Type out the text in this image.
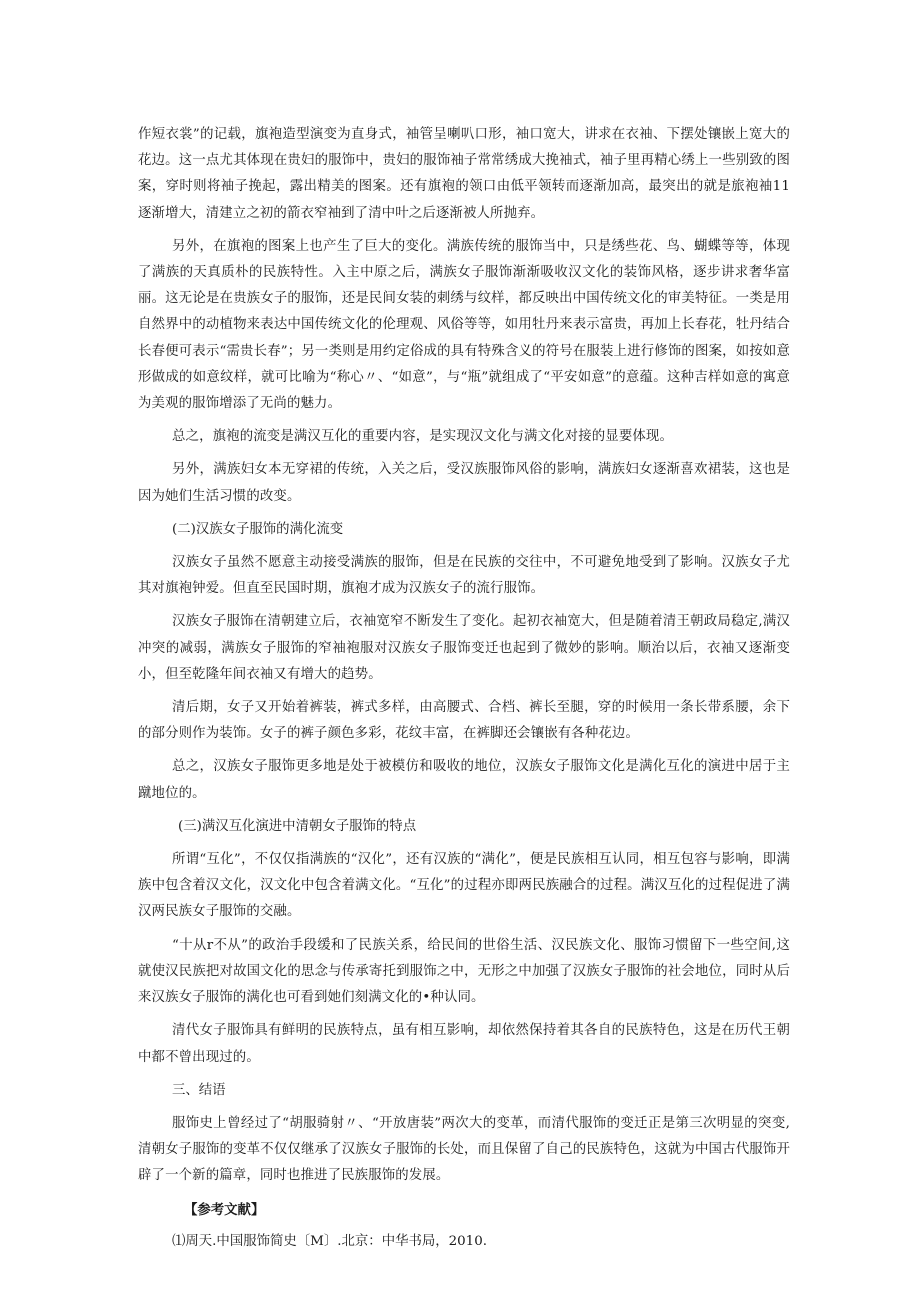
作短衣裳”的记载，旗袍造型演变为直身式，袖管呈喇叭口形，袖口宽大，讲求在衣袖、下摆处镶嵌上宽大的花边。这一点尤其体现在贵妇的服饰中，贵妇的服饰袖子常常绣成大挽袖式，袖子里再精心绣上一些别致的图案，穿时则将袖子挽起，露出精美的图案。还有旗袍的领口由低平领转而逐渐加高，最突出的就是旅袍袖11逐渐增大，清建立之初的箭衣窄袖到了清中叶之后逐渐被人所抛弃。

另外，在旗袍的图案上也产生了巨大的变化。满族传统的服饰当中，只是绣些花、鸟、蝴蝶等等，体现了满族的天真质朴的民族特性。入主中原之后，满族女子服饰渐渐吸收汉文化的装饰风格，逐步讲求奢华富丽。这无论是在贵族女子的服饰，还是民间女装的刺绣与纹样，都反映出中国传统文化的审美特征。一类是用自然界中的动植物来表达中国传统文化的伦理观、风俗等等，如用牡丹来表示富贵，再加上长春花，牡丹结合长春便可表示“需贵长春”；另一类则是用约定俗成的具有特殊含义的符号在服装上进行修饰的图案，如按如意形做成的如意纹样，就可比喻为“称心〃、“如意”，与“瓶”就组成了“平安如意”的意蕴。这种吉样如意的寓意为美观的服饰增添了无尚的魅力。

总之，旗袍的流变是满汉互化的重要内容，是实现汉文化与满文化对接的显要体现。

另外，满族妇女本无穿裙的传统，入关之后，受汉族服饰风俗的影响，满族妇女逐渐喜欢裙装，这也是因为她们生活习惯的改变。

(二)汉族女子服饰的满化流变

汉族女子虽然不愿意主动接受满族的服饰，但是在民族的交往中，不可避免地受到了影响。汉族女子尤其对旗袍钟爱。但直至民国时期，旗袍才成为汉族女子的流行服饰。

汉族女子服饰在清朝建立后，衣袖宽窄不断发生了变化。起初衣袖宽大，但是随着清王朝政局稳定,满汉冲突的减弱，满族女子服饰的窄袖袍服对汉族女子服饰变迁也起到了微妙的影响。顺治以后，衣袖又逐渐变小，但至乾隆年间衣袖又有增大的趋势。

清后期，女子又开始着裤装，裤式多样，由高腰式、合档、裤长至腿，穿的时候用一条长带系腰，余下的部分则作为装饰。女子的裤子颜色多彩，花纹丰富，在裤脚还会镶嵌有各种花边。

总之，汉族女子服饰更多地是处于被模仿和吸收的地位，汉族女子服饰文化是满化互化的演进中居于主蹴地位的。

(三)满汉互化演进中清朝女子服饰的特点

所谓“互化”，不仅仅指满族的“汉化”，还有汉族的“满化”，便是民族相互认同，相互包容与影响，即满族中包含着汉文化，汉文化中包含着满文化。“互化”的过程亦即两民族融合的过程。满汉互化的过程促进了满汉两民族女子服饰的交融。

“十从r不从”的政治手段缓和了民族关系，给民间的世俗生活、汉民族文化、服饰习惯留下一些空间,这就使汉民族把对故国文化的思念与传承寄托到服饰之中，无形之中加强了汉族女子服饰的社会地位，同时从后来汉族女子服饰的满化也可看到她们刻满文化的•种认同。

清代女子服饰具有鲜明的民族特点，虽有相互影响，却依然保持着其各自的民族特色，这是在历代王朝中都不曾出现过的。

三、结语

服饰史上曾经过了“胡服骑射〃、“开放唐装”两次大的变革，而清代服饰的变迁正是第三次明显的突变,清朝女子服饰的变革不仅仅继承了汉族女子服饰的长处，而且保留了自己的民族特色，这就为中国古代服饰开辟了一个新的篇章，同时也推进了民族服饰的发展。

【参考文献】
⑴周天.中国服饰简史〔M〕.北京：中华书局，2010.
